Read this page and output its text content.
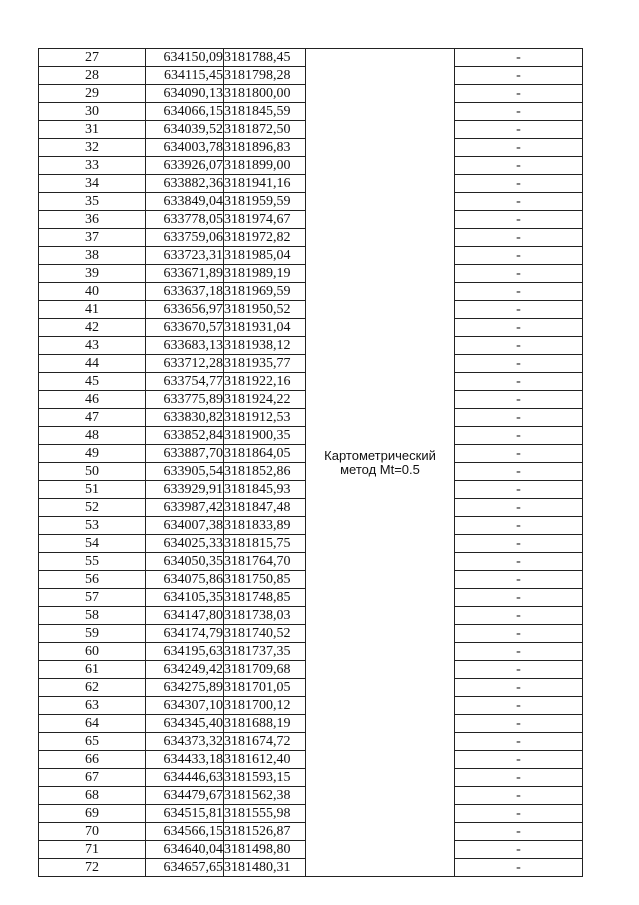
27	634150,09	3181788,45	Картометрический
метод Mt=0.5	-
28	634115,45	3181798,28		-
29	634090,13	3181800,00		-
30	634066,15	3181845,59		-
31	634039,52	3181872,50		-
32	634003,78	3181896,83		-
33	633926,07	3181899,00		-
34	633882,36	3181941,16		-
35	633849,04	3181959,59		-
36	633778,05	3181974,67		-
37	633759,06	3181972,82		-
38	633723,31	3181985,04		-
39	633671,89	3181989,19		-
40	633637,18	3181969,59		-
41	633656,97	3181950,52		-
42	633670,57	3181931,04		-
43	633683,13	3181938,12		-
44	633712,28	3181935,77		-
45	633754,77	3181922,16		-
46	633775,89	3181924,22		-
47	633830,82	3181912,53		-
48	633852,84	3181900,35		-
49	633887,70	3181864,05		-
50	633905,54	3181852,86		-
51	633929,91	3181845,93		-
52	633987,42	3181847,48		-
53	634007,38	3181833,89		-
54	634025,33	3181815,75		-
55	634050,35	3181764,70		-
56	634075,86	3181750,85		-
57	634105,35	3181748,85		-
58	634147,80	3181738,03		-
59	634174,79	3181740,52		-
60	634195,63	3181737,35		-
61	634249,42	3181709,68		-
62	634275,89	3181701,05		-
63	634307,10	3181700,12		-
64	634345,40	3181688,19		-
65	634373,32	3181674,72		-
66	634433,18	3181612,40		-
67	634446,63	3181593,15		-
68	634479,67	3181562,38		-
69	634515,81	3181555,98		-
70	634566,15	3181526,87		-
71	634640,04	3181498,80		-
72	634657,65	3181480,31		-
